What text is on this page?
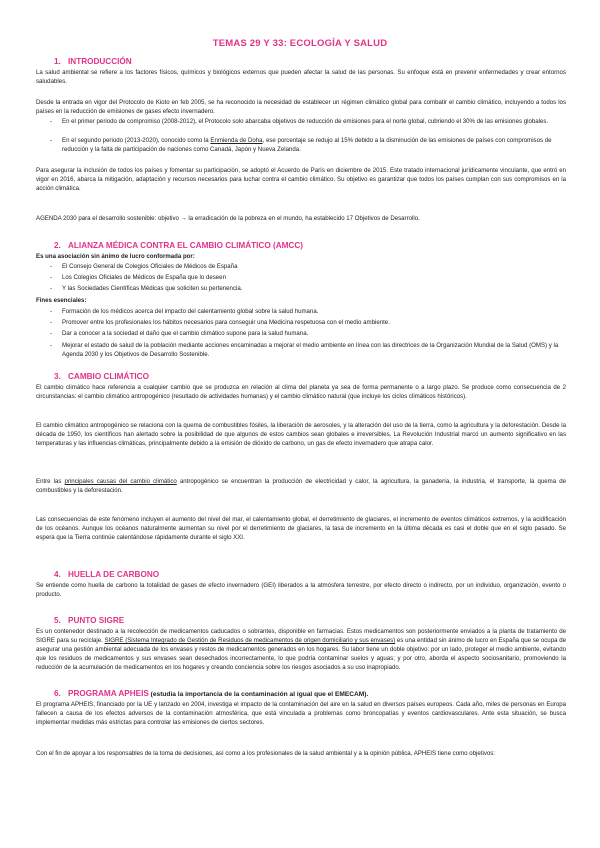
TEMAS 29 Y 33: ECOLOGÍA Y SALUD
1. INTRODUCCIÓN
La salud ambiental se refiere a los factores físicos, químicos y biológicos externos que pueden afectar la salud de las personas. Su enfoque está en prevenir enfermedades y crear entornos saludables.
Desde la entrada en vigor del Protocolo de Kioto en feb 2005, se ha reconocido la necesidad de establecer un régimen climático global para combatir el cambio climático, incluyendo a todos los países en la reducción de emisiones de gases efecto invernadero.
- En el primer periodo de compromiso (2008-2012), el Protocolo solo abarcaba objetivos de reducción de emisiones para el norte global, cubriendo el 30% de las emisiones globales.
- En el segundo periodo (2013-2020), conocido como la Enmienda de Doha, ese porcentaje se redujo al 15% debido a la disminución de las emisiones de países con compromisos de reducción y la falta de participación de naciones como Canadá, Japón y Nueva Zelanda.
Para asegurar la inclusión de todos los países y fomentar su participación, se adoptó el Acuerdo de París en diciembre de 2015. Este tratado internacional jurídicamente vinculante, que entró en vigor en 2016, abarca la mitigación, adaptación y recursos necesarios para luchar contra el cambio climático. Su objetivo es garantizar que todos los países cumplan con sus compromisos en la acción climática.
AGENDA 2030 para el desarrollo sostenible: objetivo → la erradicación de la pobreza en el mundo, ha establecido 17 Objetivos de Desarrollo.
2. ALIANZA MÉDICA CONTRA EL CAMBIO CLIMÁTICO (AMCC)
Es una asociación sin ánimo de lucro conformada por:
- El Consejo General de Colegios Oficiales de Médicos de España
- Los Colegios Oficiales de Médicos de España que lo deseen
- Y las Sociedades Científicas Médicas que soliciten su pertenencia.
Fines esenciales:
- Formación de los médicos acerca del impacto del calentamiento global sobre la salud humana.
- Promover entre los profesionales los hábitos necesarios para conseguir una Medicina respetuosa con el medio ambiente.
- Dar a conocer a la sociedad el daño que el cambio climático supone para la salud humana.
- Mejorar el estado de salud de la población mediante acciones encaminadas a mejorar el medio ambiente en línea con las directrices de la Organización Mundial de la Salud (OMS) y la Agenda 2030 y los Objetivos de Desarrollo Sostenible.
3. CAMBIO CLIMÁTICO
El cambio climático hace referencia a cualquier cambio que se produzca en relación al clima del planeta ya sea de forma permanente o a largo plazo. Se produce como consecuencia de 2 circunstancias: el cambio climático antropogénico (resultado de actividades humanas) y el cambio climático natural (que incluye los ciclos climáticos históricos).
El cambio climático antropogénico se relaciona con la quema de combustibles fósiles, la liberación de aerosoles, y la alteración del uso de la tierra, como la agricultura y la deforestación. Desde la década de 1950, los científicos han alertado sobre la posibilidad de que algunos de estos cambios sean globales e irreversibles. La Revolución Industrial marcó un aumento significativo en las temperaturas y las influencias climáticas, principalmente debido a la emisión de dióxido de carbono, un gas de efecto invernadero que atrapa calor.
Entre las principales causas del cambio climático antropogénico se encuentran la producción de electricidad y calor, la agricultura, la ganadería, la industria, el transporte, la quema de combustibles y la deforestación.
Las consecuencias de este fenómeno incluyen el aumento del nivel del mar, el calentamiento global, el derretimiento de glaciares, el incremento de eventos climáticos extremos, y la acidificación de los océanos. Aunque los océanos naturalmente aumentan su nivel por el derretimiento de glaciares, la tasa de incremento en la última década es casi el doble que en el siglo pasado. Se espera que la Tierra continúe calentándose rápidamente durante el siglo XXI.
4. HUELLA DE CARBONO
Se entiende como huella de carbono la totalidad de gases de efecto invernadero (GEI) liberados a la atmósfera terrestre, por efecto directo o indirecto, por un individuo, organización, evento o producto.
5. PUNTO SIGRE
Es un contenedor destinado a la recolección de medicamentos caducados o sobrantes, disponible en farmacias. Estos medicamentos son posteriormente enviados a la planta de tratamiento de SIGRE para su reciclaje. SIGRE (Sistema Integrado de Gestión de Residuos de medicamentos de origen domiciliario y sus envases) es una entidad sin ánimo de lucro en España que se ocupa de asegurar una gestión ambiental adecuada de los envases y restos de medicamentos generados en los hogares. Su labor tiene un doble objetivo: por un lado, proteger el medio ambiente, evitando que los residuos de medicamentos y sus envases sean desechados incorrectamente, lo que podría contaminar suelos y aguas; y por otro, aborda el aspecto sociosanitario, promoviendo la reducción de la acumulación de medicamentos en los hogares y creando conciencia sobre los riesgos asociados a su uso inapropiado.
6. PROGRAMA APHEIS (estudia la importancia de la contaminación al igual que el EMECAM).
El programa APHEIS, financiado por la UE y lanzado en 2004, investiga el impacto de la contaminación del aire en la salud en diversos países europeos. Cada año, miles de personas en Europa fallecen a causa de los efectos adversos de la contaminación atmosférica, que está vinculada a problemas como broncopatías y eventos cardiovasculares. Ante esta situación, se busca implementar medidas más estrictas para controlar las emisiones de ciertos sectores.
Con el fin de apoyar a los responsables de la toma de decisiones, así como a los profesionales de la salud ambiental y a la opinión pública, APHEIS tiene como objetivos:
